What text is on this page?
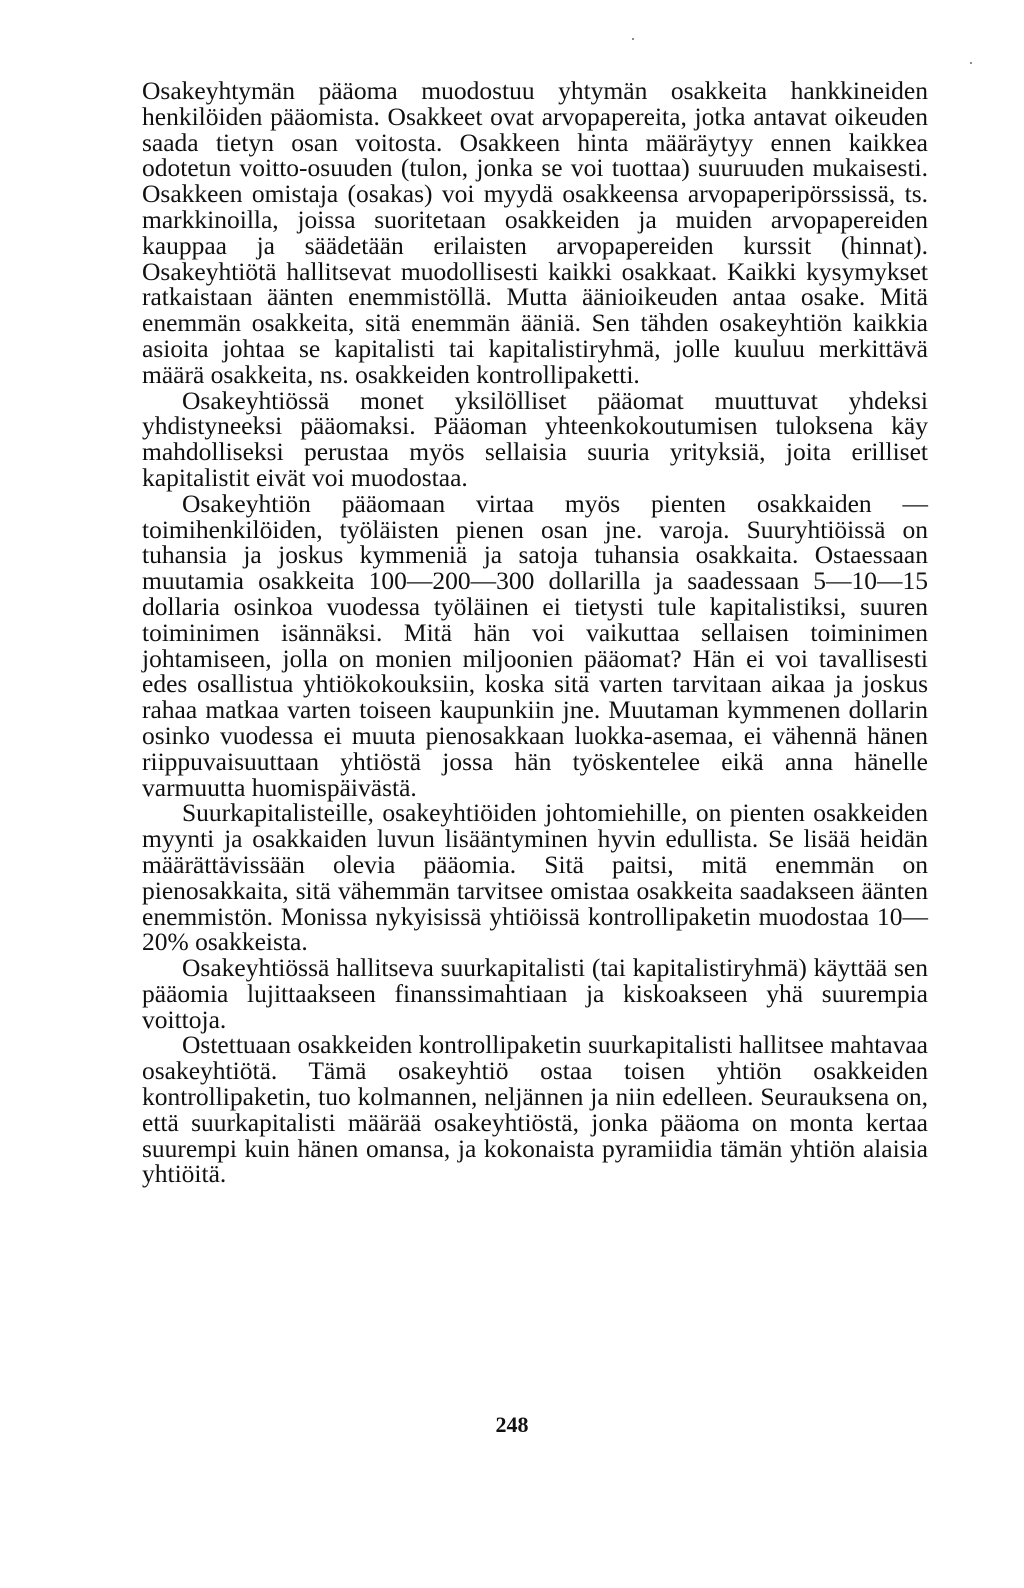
Osakeyhtymän pääoma muodostuu yhtymän osakkeita hankkineiden henkilöiden pääomista. Osakkeet ovat arvopapereita, jotka antavat oikeuden saada tietyn osan voitosta. Osakkeen hinta määräytyy ennen kaikkea odotetun voitto-osuuden (tulon, jonka se voi tuottaa) suuruuden mukaisesti. Osakkeen omistaja (osakas) voi myydä osakkeensa arvopaperipörssissä, ts. markkinoilla, joissa suoritetaan osakkeiden ja muiden arvopapereiden kauppaa ja säädetään erilaisten arvopapereiden kurssit (hinnat). Osakeyhtiötä hallitsevat muodollisesti kaikki osakkaat. Kaikki kysymykset ratkaistaan äänten enemmistöllä. Mutta äänioikeuden antaa osake. Mitä enemmän osakkeita, sitä enemmän ääniä. Sen tähden osakeyhtiön kaikkia asioita johtaa se kapitalisti tai kapitalistiryhmä, jolle kuuluu merkittävä määrä osakkeita, ns. osakkeiden kontrollipaketti.

Osakeyhtiössä monet yksilölliset pääomat muuttuvat yhdeksi yhdistyneeksi pääomaksi. Pääoman yhteenkokoutumisen tuloksena käy mahdolliseksi perustaa myös sellaisia suuria yrityksiä, joita erilliset kapitalistit eivät voi muodostaa.

Osakeyhtiön pääomaan virtaa myös pienten osakkaiden — toimihenkilöiden, työläisten pienen osan jne. varoja. Suuryhtiöissä on tuhansia ja joskus kymmeniä ja satoja tuhansia osakkaita. Ostaessaan muutamia osakkeita 100—200—300 dollarilla ja saadessaan 5—10—15 dollaria osinkoa vuodessa työläinen ei tietysti tule kapitalistiksi, suuren toiminimen isännäksi. Mitä hän voi vaikuttaa sellaisen toiminimen johtamiseen, jolla on monien miljoonien pääomat? Hän ei voi tavallisesti edes osallistua yhtiökokouksiin, koska sitä varten tarvitaan aikaa ja joskus rahaa matkaa varten toiseen kaupunkiin jne. Muutaman kymmenen dollarin osinko vuodessa ei muuta pienosakkaan luokka-asemaa, ei vähennä hänen riippuvaisuuttaan yhtiöstä jossa hän työskentelee eikä anna hänelle varmuutta huomispäivästä.

Suurkapitalisteille, osakeyhtiöiden johtomiehille, on pienten osakkeiden myynti ja osakkaiden luvun lisääntyminen hyvin edullista. Se lisää heidän määrättävissään olevia pääomia. Sitä paitsi, mitä enemmän on pienosakkaita, sitä vähemmän tarvitsee omistaa osakkeita saadakseen äänten enemmistön. Monissa nykyisissä yhtiöissä kontrollipaketin muodostaa 10—20% osakkeista.

Osakeyhtiössä hallitseva suurkapitalisti (tai kapitalistiryhmä) käyttää sen pääomia lujittaakseen finanssimahtiaan ja kiskoakseen yhä suurempia voittoja.

Ostettuaan osakkeiden kontrollipaketin suurkapitalisti hallitsee mahtavaa osakeyhtiötä. Tämä osakeyhtiö ostaa toisen yhtiön osakkeiden kontrollipaketin, tuo kolmannen, neljännen ja niin edelleen. Seurauksena on, että suurkapitalisti määrää osakeyhtiöstä, jonka pääoma on monta kertaa suurempi kuin hänen omansa, ja kokonaista pyramiidia tämän yhtiön alaisia yhtiöitä.

248
